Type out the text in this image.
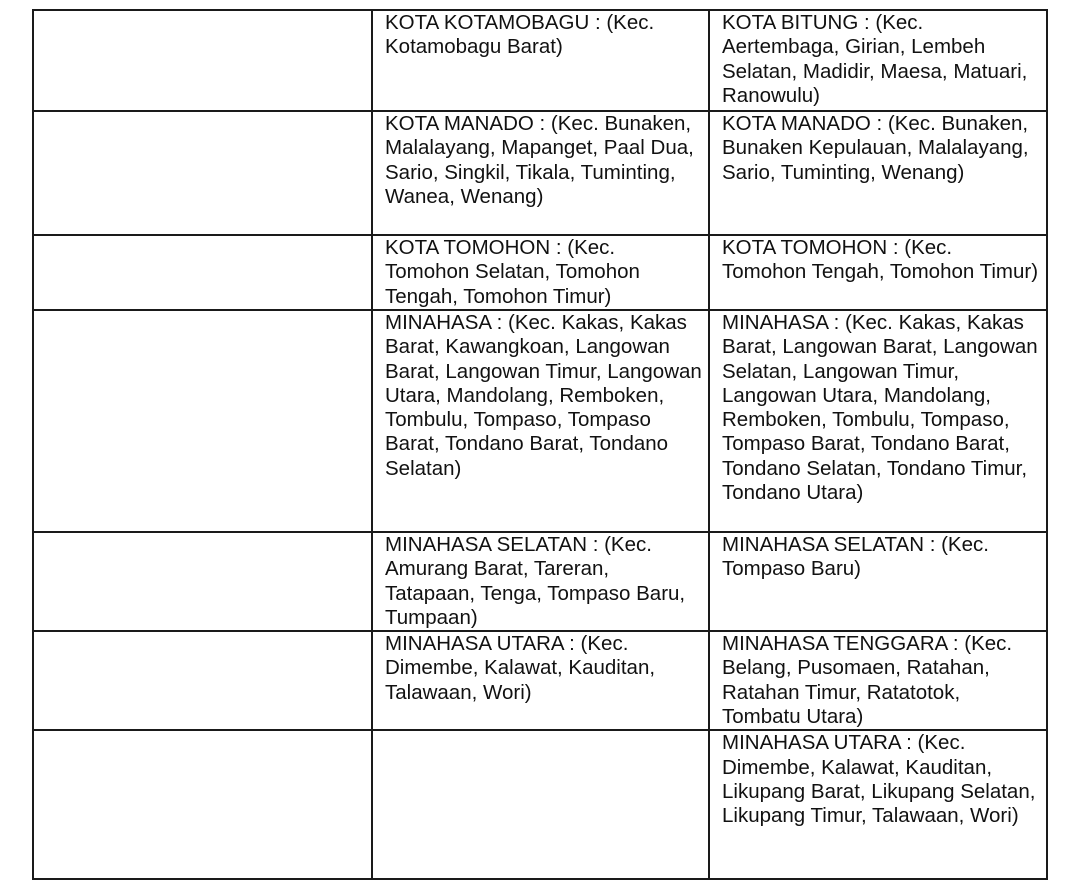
	KOTA KOTAMOBAGU : (Kec. Kotamobagu Barat)	KOTA BITUNG : (Kec. Aertembaga, Girian, Lembeh Selatan, Madidir, Maesa, Matuari, Ranowulu)

	KOTA MANADO : (Kec. Bunaken, Malalayang, Mapanget, Paal Dua, Sario, Singkil, Tikala, Tuminting, Wanea, Wenang)	KOTA MANADO : (Kec. Bunaken, Bunaken Kepulauan, Malalayang, Sario, Tuminting, Wenang)

	KOTA TOMOHON : (Kec. Tomohon Selatan, Tomohon Tengah, Tomohon Timur)	KOTA TOMOHON : (Kec. Tomohon Tengah, Tomohon Timur)

	MINAHASA : (Kec. Kakas, Kakas Barat, Kawangkoan, Langowan Barat, Langowan Timur, Langowan Utara, Mandolang, Remboken, Tombulu, Tompaso, Tompaso Barat, Tondano Barat, Tondano Selatan)	MINAHASA : (Kec. Kakas, Kakas Barat, Langowan Barat, Langowan Selatan, Langowan Timur, Langowan Utara, Mandolang, Remboken, Tombulu, Tompaso, Tompaso Barat, Tondano Barat, Tondano Selatan, Tondano Timur, Tondano Utara)

	MINAHASA SELATAN : (Kec. Amurang Barat, Tareran, Tatapaan, Tenga, Tompaso Baru, Tumpaan)	MINAHASA SELATAN : (Kec. Tompaso Baru)

	MINAHASA UTARA : (Kec. Dimembe, Kalawat, Kauditan, Talawaan, Wori)	MINAHASA TENGGARA : (Kec. Belang, Pusomaen, Ratahan, Ratahan Timur, Ratatotok, Tombatu Utara)

		MINAHASA UTARA : (Kec. Dimembe, Kalawat, Kauditan, Likupang Barat, Likupang Selatan, Likupang Timur, Talawaan, Wori)
